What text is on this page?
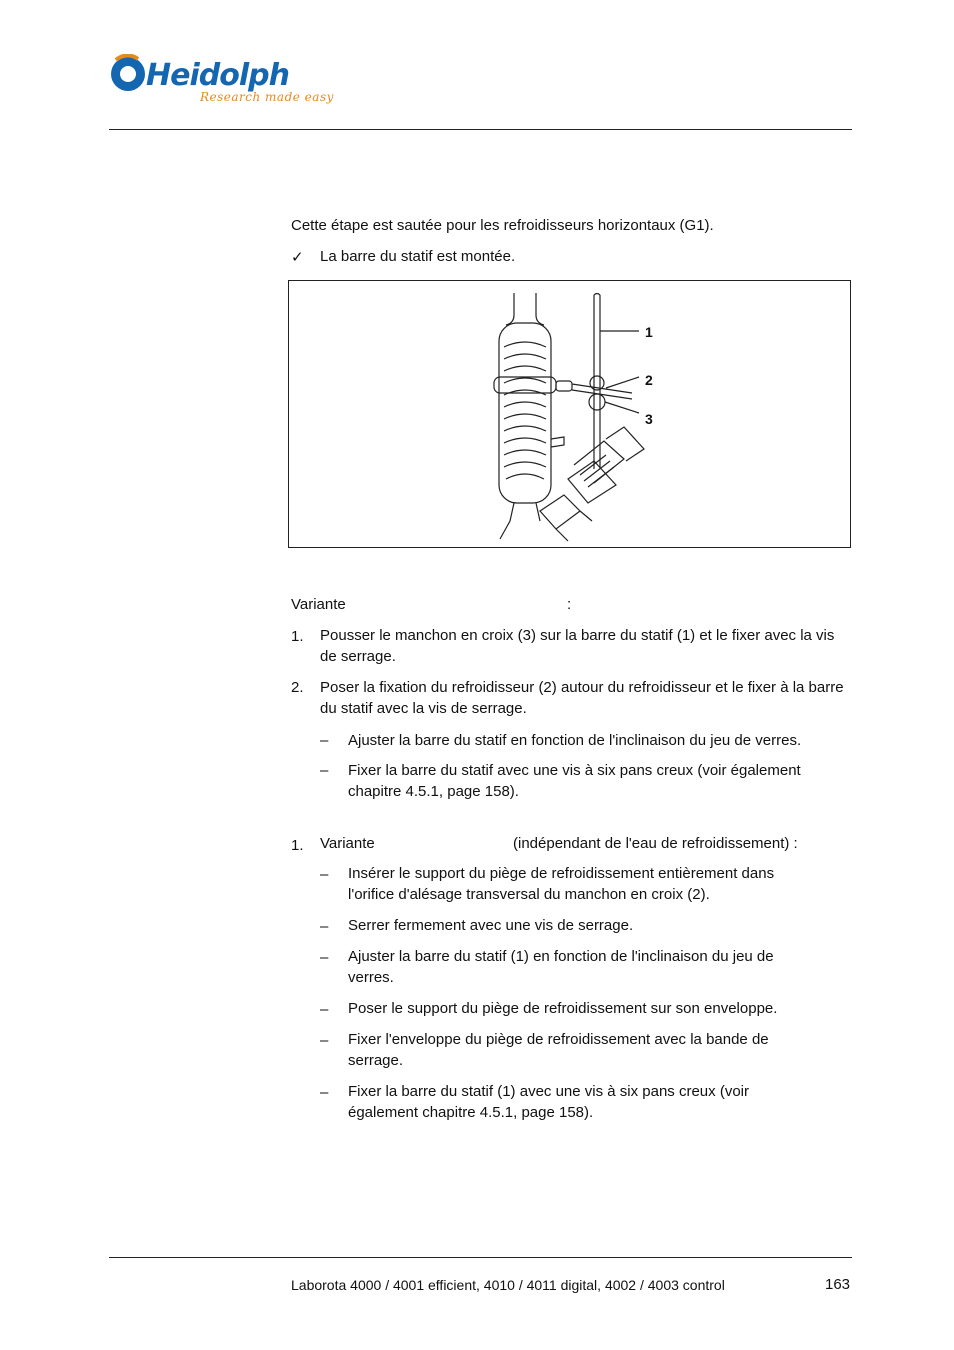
Heidolph
Research made easy
Cette étape est sautée pour les refroidisseurs horizontaux (G1).
✓ La barre du statif est montée.
1
2
3
Variante	:
1. Pousser le manchon en croix (3) sur la barre du statif (1) et le fixer avec la vis de serrage.
2. Poser la fixation du refroidisseur (2) autour du refroidisseur et le fixer à la barre du statif avec la vis de serrage.
– Ajuster la barre du statif en fonction de l'inclinaison du jeu de verres.
– Fixer la barre du statif avec une vis à six pans creux (voir également chapitre 4.5.1, page 158).
1. Variante	(indépendant de l'eau de refroidissement) :
– Insérer le support du piège de refroidissement entièrement dans l'orifice d'alésage transversal du manchon en croix (2).
– Serrer fermement avec une vis de serrage.
– Ajuster la barre du statif (1) en fonction de l'inclinaison du jeu de verres.
– Poser le support du piège de refroidissement sur son enveloppe.
– Fixer l'enveloppe du piège de refroidissement avec la bande de serrage.
– Fixer la barre du statif (1) avec une vis à six pans creux (voir également chapitre 4.5.1, page 158).
Laborota 4000 / 4001 efficient, 4010 / 4011 digital, 4002 / 4003 control	163
